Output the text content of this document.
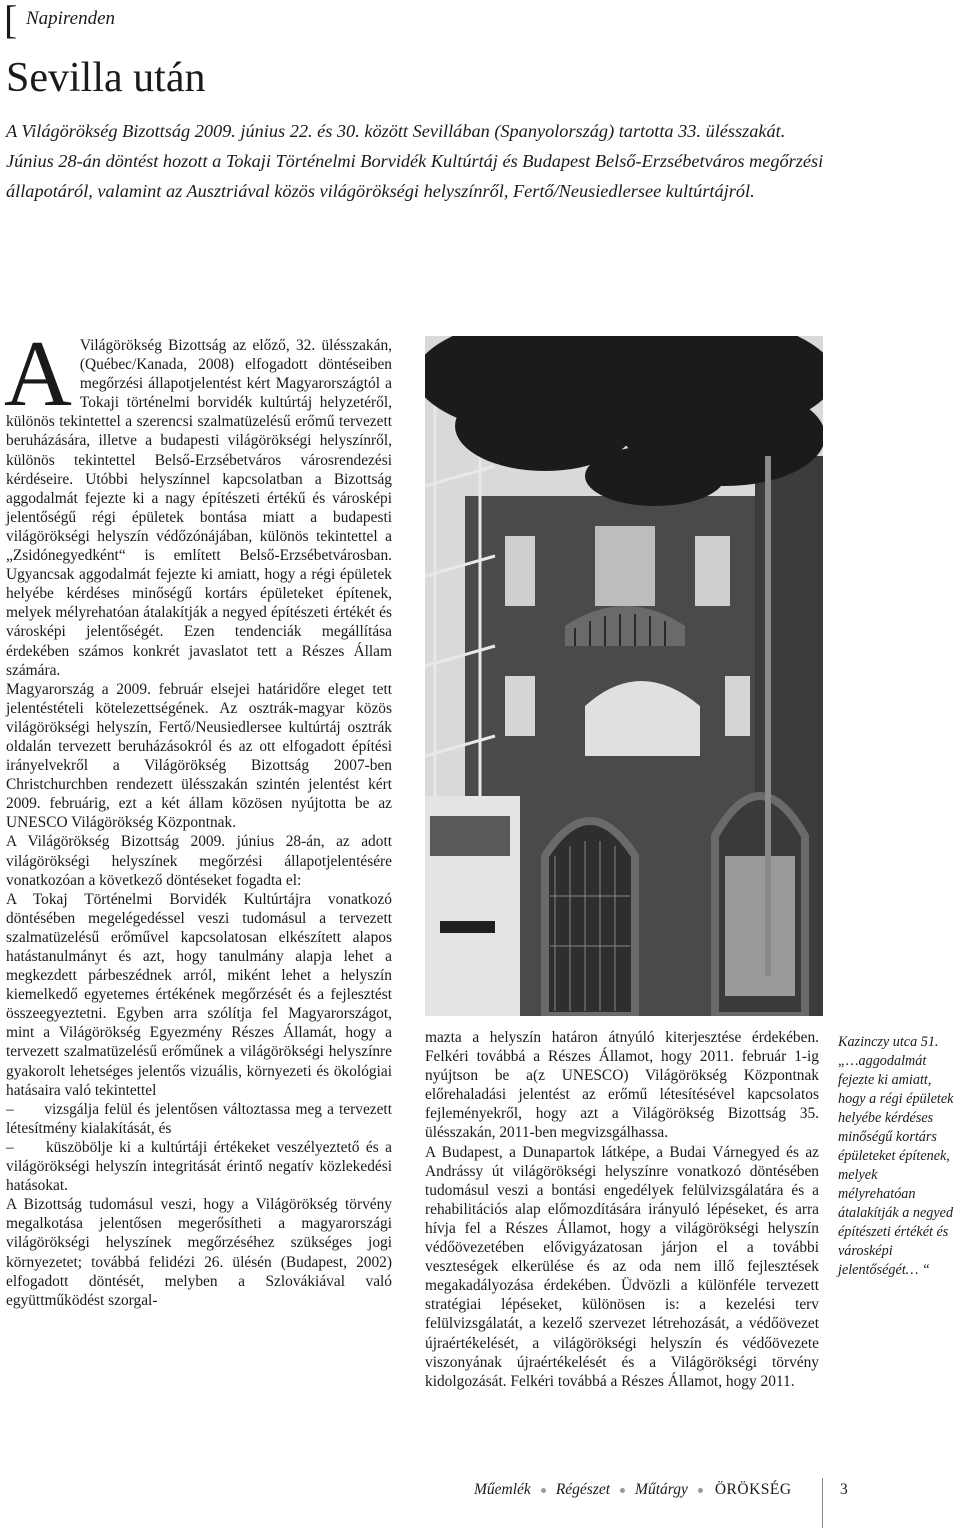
[ Napirenden
Sevilla után

A Világörökség Bizottság 2009. június 22. és 30. között Sevillában (Spanyolország) tartotta 33. ülésszakát. Június 28-án döntést hozott a Tokaji Történelmi Borvidék Kultúrtáj és Budapest Belső-Erzsébetváros megőrzési állapotáról, valamint az Ausztriával közös világörökségi helyszínről, Fertő/Neusiedlersee kultúrtájról.

A Világörökség Bizottság az előző, 32. ülésszakán, (Québec/Kanada, 2008) elfogadott döntéseiben megőrzési állapotjelentést kért Magyarországtól a Tokaji történelmi borvidék kultúrtáj helyzetéről, különös tekintettel a szerencsi szalmatüzelésű erőmű tervezett beruházására, illetve a budapesti világörökségi helyszínről, különös tekintettel Belső-Erzsébetváros városrendezési kérdéseire. Utóbbi helyszínnel kapcsolatban a Bizottság aggodalmát fejezte ki a nagy építészeti értékű és városképi jelentőségű régi épületek bontása miatt a budapesti világörökségi helyszín védőzónájában, különös tekintettel a „Zsidónegyedként“ is említett Belső-Erzsébetvárosban. Ugyancsak aggodalmát fejezte ki amiatt, hogy a régi épületek helyébe kérdéses minőségű kortárs épületeket építenek, melyek mélyrehatóan átalakítják a negyed építészeti értékét és városképi jelentőségét. Ezen tendenciák megállítása érdekében számos konkrét javaslatot tett a Részes Állam számára.

Magyarország a 2009. február elsejei határidőre eleget tett jelentéstételi kötelezettségének. Az osztrák-magyar közös világörökségi helyszín, Fertő/Neusiedlersee kultúrtáj osztrák oldalán tervezett beruházásokról és az ott elfogadott építési irányelvekről a Világörökség Bizottság 2007-ben Christchurchben rendezett ülésszakán szintén jelentést kért 2009. februárig, ezt a két állam közösen nyújtotta be az UNESCO Világörökség Központnak.

A Világörökség Bizottság 2009. június 28-án, az adott világörökségi helyszínek megőrzési állapotjelentésére vonatkozóan a következő döntéseket fogadta el:

A Tokaj Történelmi Borvidék Kultúrtájra vonatkozó döntésében megelégedéssel veszi tudomásul a tervezett szalmatüzelésű erőművel kapcsolatosan elkészített alapos hatástanulmányt és azt, hogy tanulmány alapja lehet a megkezdett párbeszédnek arról, miként lehet a helyszín kiemelkedő egyetemes értékének megőrzését és a fejlesztést összeegyeztetni. Egyben arra szólítja fel Magyarországot, mint a Világörökség Egyezmény Részes Államát, hogy a tervezett szalmatüzelésű erőműnek a világörökségi helyszínre gyakorolt lehetséges jelentős vizuális, környezeti és ökológiai hatásaira való tekintettel

–      vizsgálja felül és jelentősen változtassa meg a tervezett létesítmény kialakítását, és

–     küszöbölje ki a kultúrtáji értékeket veszélyeztető és a világörökségi helyszín integritását érintő negatív közlekedési hatásokat.

A Bizottság tudomásul veszi, hogy a Világörökség törvény megalkotása jelentősen megerősítheti a magyarországi világörökségi helyszínek megőrzéséhez szükséges jogi környezetet; továbbá felidézi 26. ülésén (Budapest, 2002) elfogadott döntését, melyben a Szlovákiával való együttműködést szorgal-

mazta a helyszín határon átnyúló kiterjesztése érdekében. Felkéri továbbá a Részes Államot, hogy 2011. február 1-ig nyújtson be a(z UNESCO) Világörökség Központnak előrehaladási jelentést az erőmű létesítésével kapcsolatos fejleményekről, hogy azt a Világörökség Bizottság 35. ülésszakán, 2011-ben megvizsgálhassa.

A Budapest, a Dunapartok látképe, a Budai Várnegyed és az Andrássy út világörökségi helyszínre vonatkozó döntésében tudomásul veszi a bontási engedélyek felülvizsgálatára és a rehabilitációs alap előmozdítására irányuló lépéseket, és arra hívja fel a Részes Államot, hogy a világörökségi helyszín védőövezetében elővigyázatosan járjon el a további veszteségek elkerülése és az oda nem illő fejlesztések megakadályozása érdekében. Üdvözli a különféle tervezett stratégiai lépéseket, különösen is: a kezelési terv felülvizsgálatát, a kezelő szervezet létrehozását, a védőövezet újraértékelését, a világörökségi helyszín és védőövezete viszonyának újraértékelését és a Világörökségi törvény kidolgozását. Felkéri továbbá a Részes Államot, hogy 2011.

Kazinczy utca 51.

„…aggodalmát fejezte ki amiatt, hogy a régi épületek helyébe kérdéses minőségű kortárs épületeket építenek, melyek mélyrehatóan átalakítják a negyed építészeti értékét és városképi jelentőségét… “

Műemlék Régészet Műtárgy ÖRÖKSÉG	3
